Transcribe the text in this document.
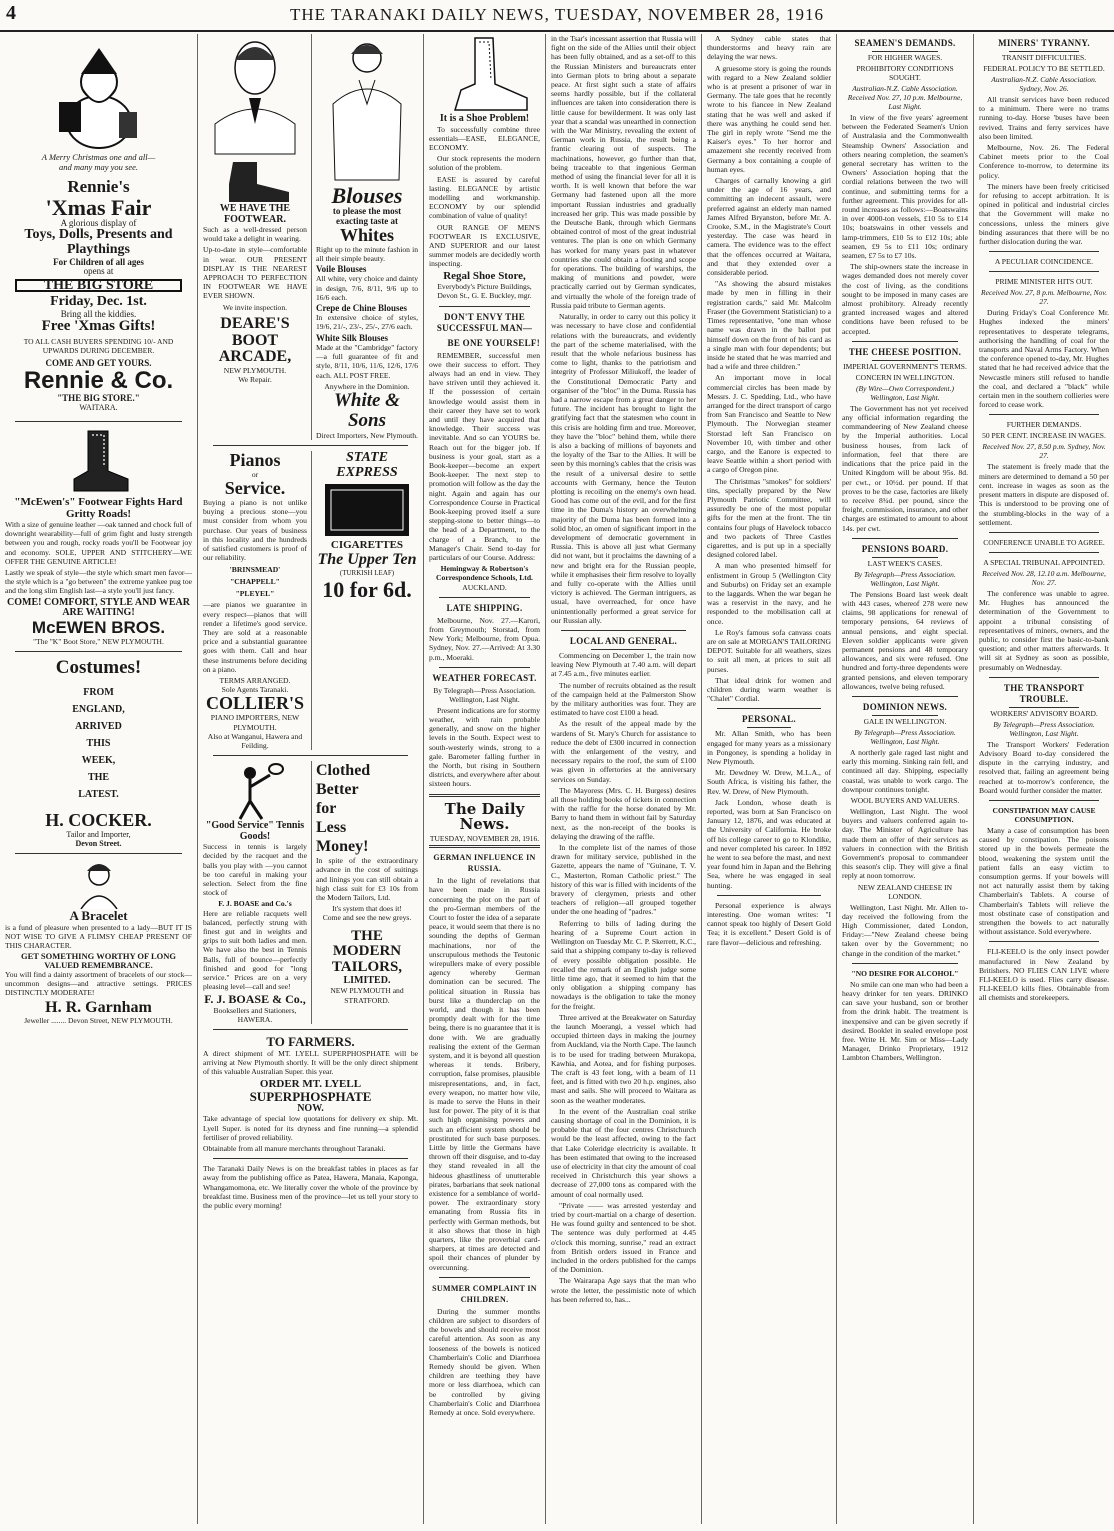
4	THE TARANAKI DAILY NEWS, TUESDAY, NOVEMBER 28, 1916
A Merry Christmas one and all—and many may you see.
Rennie's
'Xmas Fair
A glorious display of
Toys, Dolls, Presents and Playthings
For Children of all ages
opens at
THE BIG STORE
Friday, Dec. 1st.
Bring all the kiddies.
Free 'Xmas Gifts!
TO ALL CASH BUYERS SPENDING 10/- AND UPWARDS DURING DECEMBER.
COME AND GET YOURS.
Rennie & Co.
"THE BIG STORE."
WAITARA.
"McEwen's" Footwear Fights Hard Gritty Roads!

With a size of genuine leather —oak tanned and chock full of downright wearability—full of grim fight and lusty strength between you and rough, rocky roads you'll be Footwear joy and economy. SOLE, UPPER AND STITCHERY—WE OFFER THE GENUINE ARTICLE!

Lastly we speak of style—the style which smart men favor—the style which is a "go between" the extreme yankee pug toe and the long slim English last—a style you'll just fancy.

COME! COMFORT, STYLE AND WEAR ARE WAITING!
McEWEN BROS.
"The "K" Boot Store," NEW PLYMOUTH.
Costumes!
FROM
ENGLAND,
ARRIVED
THIS
WEEK,
THE
LATEST.
H. COCKER.
Tailor and Importer,
Devon Street.
A Bracelet

is a fund of pleasure when presented to a lady—BUT IT IS NOT WISE TO GIVE A FLIMSY CHEAP PRESENT OF THIS CHARACTER.

GET SOMETHING WORTHY OF LONG VALUED REMEMBRANCE.

You will find a dainty assortment of bracelets of our stock—uncommon designs—and attractive settings. PRICES DISTINCTLY MODERATE!

H. R. Garnham
Jeweller ........ Devon Street, NEW PLYMOUTH.
WE HAVE THE FOOTWEAR.

Such as a well-dressed person would take a delight in wearing.

Up-to-date in style—comfortable in wear. OUR PRESENT DISPLAY IS THE NEAREST APPROACH TO PERFECTION IN FOOTWEAR WE HAVE EVER SHOWN.

We invite inspection.
DEARE'S BOOT ARCADE,
NEW PLYMOUTH.
We Repair.
Blouses
to please the most exacting taste at
Whites

Right up to the minute fashion in all their simple beauty.

Voile Blouses

All white, very choice and dainty in design, 7/6, 8/11, 9/6 up to 16/6 each.

Crepe de Chine Blouses

In extensive choice of styles, 19/6, 21/-, 23/-, 25/-, 27/6 each.

White Silk Blouses

Made at the "Cambridge" factory—a full guarantee of fit and style, 8/11, 10/6, 11/6, 12/6, 17/6 each. ALL POST FREE.

Anywhere in the Dominion.
White & Sons
Direct Importers, New Plymouth.
Pianos
or
Service.

Buying a piano is not unlike buying a precious stone—you must consider from whom you purchase. Our years of business in this locality and the hundreds of satisfied customers is proof of our reliability.

'BRINSMEAD'
"CHAPPELL"
"PLEYEL"

—are pianos we guarantee in every respect—pianos that will render a lifetime's good service. They are sold at a reasonable price and a substantial guarantee goes with them. Call and hear these instruments before deciding on a piano.

TERMS ARRANGED.
Sole Agents Taranaki.
COLLIER'S
PIANO IMPORTERS, NEW PLYMOUTH.
Also at Wanganui, Hawera and Feilding.
STATE EXPRESS
CIGARETTES
The Upper Ten
(TURKISH LEAF)
10 for 6d.
"Good Service" Tennis Goods!

Success in tennis is largely decided by the racquet and the balls you play with —you cannot be too careful in making your selection. Select from the fine stock of

F. J. BOASE and Co.'s

Here are reliable racquets well balanced, perfectly strung with finest gut and in weights and grips to suit both ladies and men. We have also the best in Tennis Balls, full of bounce—perfectly finished and good for "long service." Prices are on a very pleasing level—call and see!

F. J. BOASE & Co.,
Booksellers and Stationers, HAWERA.
Clothed
Better
for
Less
Money!

In spite of the extraordinary advance in the cost of suitings and linings you can still obtain a high class suit for £3 10s from the Modern Tailors, Ltd.

It's system that does it!
Come and see the new greys.
THE MODERN TAILORS,
LIMITED.
NEW PLYMOUTH and STRATFORD.
TO FARMERS.

A direct shipment of MT. LYELL SUPERPHOSPHATE will be arriving at New Plymouth shortly. It will be the only direct shipment of this valuable Australian Super. this year.

ORDER MT. LYELL
SUPERPHOSPHATE
NOW.

Take advantage of special low quotations for delivery ex ship. Mt. Lyell Super. is noted for its dryness and fine running—a splendid fertiliser of proved reliability.

Obtainable from all manure merchants throughout Taranaki.

The Taranaki Daily News is on the breakfast tables in places as far away from the publishing office as Patea, Hawera, Manaia, Kaponga, Whangamomona, etc. We literally cover the whole of the province by breakfast time. Business men of the province—let us tell your story to the public every morning!

It is a Shoe Problem!

To successfully combine three essentials—EASE, ELEGANCE, ECONOMY.

Our stock represents the modern solution of the problem.

EASE is assured by careful lasting. ELEGANCE by artistic modelling and workmanship. ECONOMY by our splendid combination of value of quality!

OUR RANGE OF MEN'S FOOTWEAR IS EXCLUSIVE, AND SUPERIOR and our latest summer models are decidedly worth inspecting.

Regal Shoe Store,
Everybody's Picture Buildings, Devon St., G. E. Buckley, mgr.
DON'T ENVY THE SUCCESSFUL MAN—
BE ONE YOURSELF!

REMEMBER, successful men owe their success to effort. They always had an end in view. They have striven until they achieved it. If the possession of certain knowledge would assist them in their career they have set to work and until they have acquired that knowledge. Their success was inevitable. And so can YOURS be. Reach out for the bigger job. If business is your goal, start as a Book-keeper—become an expert Book-keeper. The next step to promotion will follow as the day the night. Again and again has our Correspondence Course in Practical Book-keeping proved itself a sure stepping-stone to better things—to the head of a Department, to the charge of a Branch, to the Manager's Chair. Send to-day for particulars of our Course. Address:

Hemingway & Robertson's Correspondence Schools, Ltd.
AUCKLAND.
LATE SHIPPING.

Melbourne, Nov. 27.—Karori, from Greymouth; Storstad, from New York; Melbourne, from Opua. Sydney, Nov. 27.—Arrived: At 3.30 p.m., Moeraki.

WEATHER FORECAST.
By Telegraph—Press Association. Wellington, Last Night.

Present indications are for stormy weather, with rain probable generally, and snow on the higher levels in the South. Expect west to south-westerly winds, strong to a gale. Barometer falling further in the North, but rising in Southern districts, and everywhere after about sixteen hours.

The Daily News.
TUESDAY, NOVEMBER 28, 1916.
GERMAN INFLUENCE IN RUSSIA.

In the light of revelations that have been made in Russia concerning the plot on the part of the pro-German members of the Court to foster the idea of a separate peace, it would seem that there is no sounding the depths of German machinations, nor of the unscrupulous methods the Teutonic wirepullers make of every possible agency whereby German domination can be secured. The political situation in Russia has burst like a thunderclap on the world, and though it has been promptly dealt with for the time being, there is no guarantee that it is done with. We are gradually realising the extent of the German system, and it is beyond all question whereas it tends. Bribery, corruption, false promises, plausible misrepresentations, and, in fact, every weapon, no matter how vile, is made to serve the Huns in their lust for power. The pity of it is that such high organising powers and such an efficient system should be prostituted for such base purposes. Little by little the Germans have thrown off their disguise, and to-day they stand revealed in all the hideous ghastliness of unutterable pirates, barbarians that seek national existence for a semblance of world-power. The extraordinary story emanating from Russia fits in perfectly with German methods, but it also shows that those in high quarters, like the proverbial card-sharpers, at times are detected and spoil their chances of plunder by overcunning.

SUMMER COMPLAINT IN CHILDREN.

During the summer months children are subject to disorders of the bowels and should receive most careful attention. As soon as any looseness of the bowels is noticed Chamberlain's Colic and Diarrhoea Remedy should be given. When children are teething they have more or less diarrhoea, which can be controlled by giving Chamberlain's Colic and Diarrhoea Remedy at once. Sold everywhere.

in the Tsar's incessant assertion that Russia will fight on the side of the Allies until their object has been fully obtained, and as a set-off to this the Russian Ministers and bureaucrats enter into German plots to bring about a separate peace. At first sight such a state of affairs seems hardly possible, but if the collateral influences are taken into consideration there is little cause for bewilderment. It was only last year that a scandal was unearthed in connection with the War Ministry, revealing the extent of German work in Russia, the result being a frantic clearing out of suspects. The machinations, however, go further than that, being traceable to that ingenious German method of using the financial lever for all it is worth. It is well known that before the war Germany had fastened upon all the more important Russian industries and gradually increased her grip. This was made possible by the Deutsche Bank, through which Germans obtained control of most of the great industrial ventures. The plan is one on which Germany has worked for many years past in whatever countries she could obtain a footing and scope for operations. The building of warships, the making of munitions and powder, were practically carried out by German syndicates, and virtually the whole of the foreign trade of Russia paid tribute to German agents.

Naturally, in order to carry out this policy it was necessary to have close and confidential relations with the bureaucrats, and evidently the part of the scheme materialised, with the result that the whole nefarious business has come to light, thanks to the patriotism and integrity of Professor Miliukoff, the leader of the Constitutional Democratic Party and organiser of the "bloc" in the Duma. Russia has had a narrow escape from a great danger to her future. The incident has brought to light the gratifying fact that the statesmen who count in this crisis are holding firm and true. Moreover, they have the "bloc" behind them, while there is also a backing of millions of bayonets and the loyalty of the Tsar to the Allies. It will be seen by this morning's cables that the crisis was the result of a universal desire to settle accounts with Germany, hence the Teuton plotting is recoiling on the enemy's own head. Good has come out of the evil, and for the first time in the Duma's history an overwhelming majority of the Duma has been formed into a solid bloc, an omen of significant import in the development of democratic government in Russia. This is above all just what Germany did not want, but it proclaims the dawning of a new and bright era for the Russian people, while it emphasises their firm resolve to loyally and fully co-operate with the Allies until victory is achieved. The German intriguers, as usual, have overreached, for once have unintentionally performed a great service for our Russian ally.

LOCAL AND GENERAL.

Commencing on December 1, the train now leaving New Plymouth at 7.40 a.m. will depart at 7.45 a.m., five minutes earlier.

The number of recruits obtained as the result of the campaign held at the Palmerston Show by the military authorities was four. They are estimated to have cost £100 a head.

As the result of the appeal made by the wardens of St. Mary's Church for assistance to reduce the debt of £300 incurred in connection with the enlargement of the vestry, and necessary repairs to the roof, the sum of £100 was given in offertories at the anniversary services on Sunday.

The Mayoress (Mrs. C. H. Burgess) desires all those holding books of tickets in connection with the raffle for the horse donated by Mr. Barry to hand them in without fail by Saturday next, as the non-receipt of the books is delaying the drawing of the raffle.

In the complete list of the names of those drawn for military service, published in the Gazette, appears the name of "Guinane, T. V. C., Masterton, Roman Catholic priest." The history of this war is filled with incidents of the bravery of clergymen, priests and other teachers of religion—all grouped together under the one heading of "padres."

Referring to bills of lading during the hearing of a Supreme Court action in Wellington on Tuesday Mr. C. P. Skerrett, K.C., said that a shipping company to-day is relieved of every possible obligation possible. He recalled the remark of an English judge some little time ago, that it seemed to him that the only obligation a shipping company has nowadays is the obligation to take the money for the freight.

Three arrived at the Breakwater on Saturday the launch Moerangi, a vessel which had occupied thirteen days in making the journey from Auckland, via the North Cape. The launch is to be used for trading between Murakopa, Kawhia, and Aotea, and for fishing purposes. The craft is 43 feet long, with a beam of 11 feet, and is fitted with two 20 h.p. engines, also mast and sails. She will proceed to Waitara as soon as the weather moderates.

In the event of the Australian coal strike causing shortage of coal in the Dominion, it is probable that of the four centres Christchurch would be the least affected, owing to the fact that Lake Coleridge electricity is available. It has been estimated that owing to the increased use of electricity in that city the amount of coal received in Christchurch this year shows a decrease of 27,000 tons as compared with the amount of coal normally used.

"Private —— was arrested yesterday and tried by court-martial on a charge of desertion. He was found guilty and sentenced to be shot. The sentence was duly performed at 4.45 o'clock this morning, sunrise," read an extract from British orders issued in France and included in the orders published for the camps of the Dominion.

The Wairarapa Age says that the man who wrote the letter, the pessimistic note of which has been referred to, has...

A Sydney cable states that thunderstorms and heavy rain are delaying the war news.

A gruesome story is going the rounds with regard to a New Zealand soldier who is at present a prisoner of war in Germany. The tale goes that he recently wrote to his fiancee in New Zealand stating that he was well and asked if there was anything he could send her. The girl in reply wrote "Send me the Kaiser's eyes." To her horror and amazement she recently received from Germany a box containing a couple of human eyes.

Charges of carnally knowing a girl under the age of 16 years, and committing an indecent assault, were preferred against an elderly man named James Alfred Bryanston, before Mr. A. Crooke, S.M., in the Magistrate's Court yesterday. The case was heard in camera. The evidence was to the effect that the offences occurred at Waitara, and that they extended over a considerable period.

"As showing the absurd mistakes made by men in filling in their registration cards," said Mr. Malcolm Fraser (the Government Statistician) to a Times representative, "one man whose name was drawn in the ballot put himself down on the front of his card as a single man with four dependents; but inside he stated that he was married and had a wife and three children."

An important move in local commercial circles has been made by Messrs. J. C. Spedding, Ltd., who have arranged for the direct transport of cargo from San Francisco and Seattle to New Plymouth. The Norwegian steamer Storstad left San Francisco on November 10, with timber and other cargo, and the Eanore is expected to leave Seattle within a short period with a cargo of Oregon pine.

The Christmas "smokes" for soldiers' tins, specially prepared by the New Plymouth Patriotic Committee, will assuredly be one of the most popular gifts for the men at the front. The tin contains four plugs of Havelock tobacco and two packets of Three Castles cigarettes, and is put up in a specially designed colored label.

A man who presented himself for enlistment in Group 5 (Wellington City and Suburbs) on Friday set an example to the laggards. When the war began he was a reservist in the navy, and he responded to the mobilisation call at once.

Le Roy's famous sofa canvass coats are on sale at MORGAN'S TAILORING DEPOT. Suitable for all weathers, sizes to suit all men, at prices to suit all purses.

That ideal drink for women and children during warm weather is "Chalet" Cordial.

PERSONAL.

Mr. Allan Smith, who has been engaged for many years as a missionary in Pongoney, is spending a holiday in New Plymouth.

Mr. Dewdney W. Drew, M.L.A., of South Africa, is visiting his father, the Rev. W. Drew, of New Plymouth.

Jack London, whose death is reported, was born at San Francisco on January 12, 1876, and was educated at the University of California. He broke off his college career to go to Klondike, and never completed his career. In 1892 he went to sea before the mast, and next year found him in Japan and the Behring Sea, where he was engaged in seal hunting.

Personal experience is always interesting. One woman writes: "I cannot speak too highly of Desert Gold Tea; it is excellent." Desert Gold is of rare flavor—delicious and refreshing.

SEAMEN'S DEMANDS.
FOR HIGHER WAGES.
PROHIBITORY CONDITIONS SOUGHT.
Australian-N.Z. Cable Association. Received Nov. 27, 10 p.m. Melbourne, Last Night.

In view of the five years' agreement between the Federated Seamen's Union of Australasia and the Commonwealth Steamship Owners' Association and others nearing completion, the seamen's general secretary has written to the Owners' Association hoping that the cordial relations between the two will continue, and submitting terms for a further agreement. This provides for all-round increases as follows:—Boatswains in over 4000-ton vessels, £10 5s to £14 10s; boatswains in other vessels and lamp-trimmers, £10 5s to £12 10s; able seamen, £9 5s to £11 10s; ordinary seamen, £7 5s to £7 10s.

The ship-owners state the increase in wages demanded does not merely cover the cost of living, as the conditions sought to be imposed in many cases are almost prohibitory. Already recently granted increased wages and altered conditions have been refused to be accepted.

THE CHEESE POSITION.
IMPERIAL GOVERNMENT'S TERMS.
CONCERN IN WELLINGTON.
(By Wire—Own Correspondent.) Wellington, Last Night.

The Government has not yet received any official information regarding the commandeering of New Zealand cheese by the Imperial authorities. Local business houses, from lack of information, feel that there are indications that the price paid in the United Kingdom will be about 95s. 8d. per cwt., or 10½d. per pound. If that proves to be the case, factories are likely to receive 8¾d. per pound, since the freight, commission, insurance, and other charges are estimated to amount to about 14s. per cwt.

PENSIONS BOARD.
LAST WEEK'S CASES.
By Telegraph—Press Association. Wellington, Last Night.

The Pensions Board last week dealt with 443 cases, whereof 278 were new claims, 98 applications for renewal of temporary pensions, 64 reviews of annual pensions, and eight special. Eleven soldier applicants were given permanent pensions and 48 temporary allowances, and six were refused. One hundred and forty-three dependents were granted pensions, and eleven temporary allowances, twelve being refused.

DOMINION NEWS.
GALE IN WELLINGTON.
By Telegraph—Press Association. Wellington, Last Night.

A northerly gale raged last night and early this morning. Sinking rain fell, and continued all day. Shipping, especially coastal, was unable to work cargo. The downpour continues tonight.

WOOL BUYERS AND VALUERS.

Wellington, Last Night. The wool buyers and valuers conferred again to-day. The Minister of Agriculture has made them an offer of their services as valuers in connection with the British Government's proposal to commandeer this season's clip. They will give a final reply at noon tomorrow.

NEW ZEALAND CHEESE IN LONDON.

Wellington, Last Night. Mr. Allen to-day received the following from the High Commissioner, dated London, Friday:—"New Zealand cheese being taken over by the Government; no change in the condition of the market."

"NO DESIRE FOR ALCOHOL"

No smile can one man who had been a heavy drinker for ten years. DRINKO can save your husband, son or brother from the drink habit. The treatment is inexpensive and can be given secretly if desired. Booklet in sealed envelope post free. Write H. Mr. Sim or Miss—Lady Manager, Drinko Proprietary, 1912 Lambton Chambers, Wellington.

MINERS' TYRANNY.
TRANSIT DIFFICULTIES.
FEDERAL POLICY TO BE SETTLED.
Australian-N.Z. Cable Association. Sydney, Nov. 26.

All transit services have been reduced to a minimum. There were no trams running to-day. Horse 'buses have been revived. Trains and ferry services have also been limited.

Melbourne, Nov. 26. The Federal Cabinet meets prior to the Coal Conference to-morrow, to determine its policy.

The miners have been freely criticised for refusing to accept arbitration. It is opined in political and industrial circles that the Government will make no concessions, unless the miners give binding assurances that there will be no further dislocation during the war.

A PECULIAR COINCIDENCE.
PRIME MINISTER HITS OUT.
Received Nov. 27, 8 p.m. Melbourne, Nov. 27.

During Friday's Coal Conference Mr. Hughes indexed the miners' representatives to desperate telegrams, authorising the handling of coal for the transports and Naval Arms Factory. When the conference opened to-day, Mr. Hughes stated that he had received advice that the Newcastle miners still refused to handle the coal, and declared a "black" while certain men in the southern collieries were forced to cease work.

FURTHER DEMANDS.
50 PER CENT. INCREASE IN WAGES.
Received Nov. 27, 8.50 p.m. Sydney, Nov. 27.

The statement is freely made that the miners are determined to demand a 50 per cent. increase in wages as soon as the present matters in dispute are disposed of. This is understood to be proving one of the stumbling-blocks in the way of a settlement.

CONFERENCE UNABLE TO AGREE.
A SPECIAL TRIBUNAL APPOINTED.
Received Nov. 28, 12.10 a.m. Melbourne, Nov. 27.

The conference was unable to agree. Mr. Hughes has announced the determination of the Government to appoint a tribunal consisting of representatives of miners, owners, and the public, to consider first the basic-to-bank question; and other matters afterwards. It will sit at Sydney as soon as possible, presumably on Wednesday.

THE TRANSPORT TROUBLE.
WORKERS' ADVISORY BOARD.
By Telegraph—Press Association. Wellington, Last Night.

The Transport Workers' Federation Advisory Board to-day considered the dispute in the carrying industry, and resolved that, failing an agreement being reached at to-morrow's conference, the Board would further consider the matter.

CONSTIPATION MAY CAUSE CONSUMPTION.

Many a case of consumption has been caused by constipation. The poisons stored up in the bowels permeate the blood, weakening the system until the patient falls an easy victim to consumption germs. If your bowels will not act naturally assist them by taking Chamberlain's Tablets. A course of Chamberlain's Tablets will relieve the most obstinate case of constipation and strengthen the bowels to act naturally without assistance. Sold everywhere.

FLI-KEELO is the only insect powder manufactured in New Zealand by Britishers. NO FLIES CAN LIVE where FLI-KEELO is used. Flies carry disease. FLI-KEELO kills flies. Obtainable from all chemists and storekeepers.
